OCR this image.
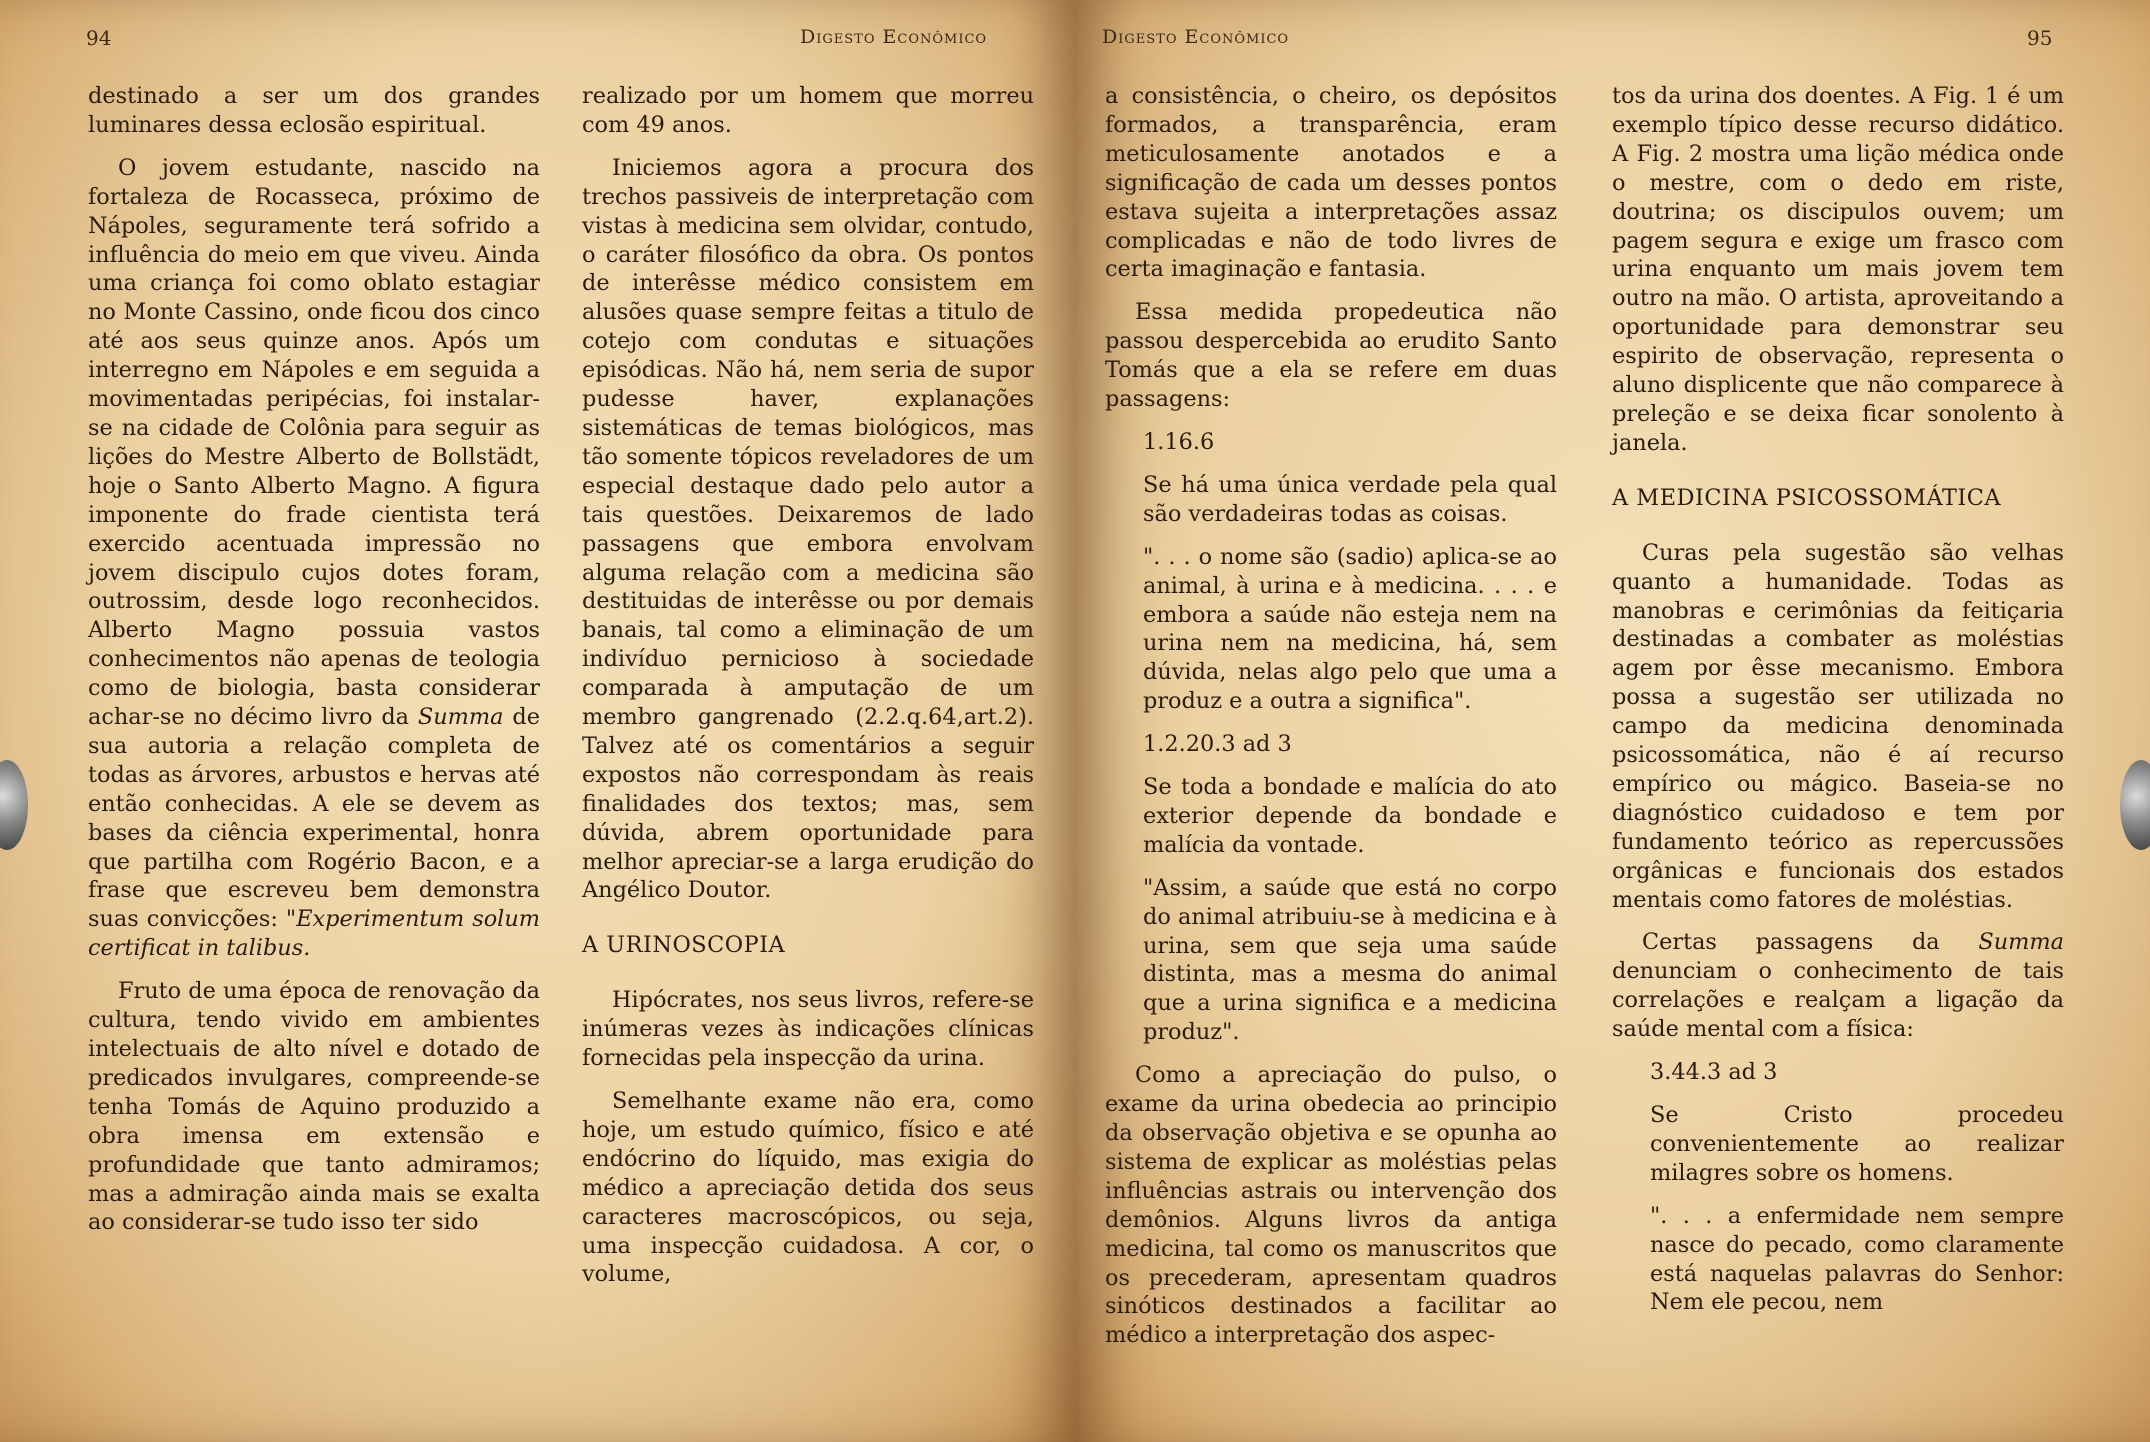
94	Digesto Econômico

destinado a ser um dos grandes luminares dessa eclosão espiritual.

O jovem estudante, nascido na fortaleza de Rocasseca, próximo de Nápoles, seguramente terá sofrido a influência do meio em que viveu. Ainda uma criança foi como oblato estagiar no Monte Cassino, onde ficou dos cinco até aos seus quinze anos. Após um interregno em Nápoles e em seguida a movimentadas peripécias, foi instalar-se na cidade de Colônia para seguir as lições do Mestre Alberto de Bollstädt, hoje o Santo Alberto Magno. A figura imponente do frade cientista terá exercido acentuada impressão no jovem discipulo cujos dotes foram, outrossim, desde logo reconhecidos. Alberto Magno possuia vastos conhecimentos não apenas de teologia como de biologia, basta considerar achar-se no décimo livro da Summa de sua autoria a relação completa de todas as árvores, arbustos e hervas até então conhecidas. A ele se devem as bases da ciência experimental, honra que partilha com Rogério Bacon, e a frase que escreveu bem demonstra suas convicções: "Experimentum solum certificat in talibus.

Fruto de uma época de renovação da cultura, tendo vivido em ambientes intelectuais de alto nível e dotado de predicados invulgares, compreende-se tenha Tomás de Aquino produzido a obra imensa em extensão e profundidade que tanto admiramos; mas a admiração ainda mais se exalta ao considerar-se tudo isso ter sido

realizado por um homem que morreu com 49 anos.

Iniciemos agora a procura dos trechos passiveis de interpretação com vistas à medicina sem olvidar, contudo, o caráter filosófico da obra. Os pontos de interêsse médico consistem em alusões quase sempre feitas a titulo de cotejo com condutas e situações episódicas. Não há, nem seria de supor pudesse haver, explanações sistemáticas de temas biológicos, mas tão somente tópicos reveladores de um especial destaque dado pelo autor a tais questões. Deixaremos de lado passagens que embora envolvam alguma relação com a medicina são destituidas de interêsse ou por demais banais, tal como a eliminação de um indivíduo pernicioso à sociedade comparada à amputação de um membro gangrenado (2.2.q.64,art.2). Talvez até os comentários a seguir expostos não correspondam às reais finalidades dos textos; mas, sem dúvida, abrem oportunidade para melhor apreciar-se a larga erudição do Angélico Doutor.

A URINOSCOPIA

Hipócrates, nos seus livros, refere-se inúmeras vezes às indicações clínicas fornecidas pela inspecção da urina.

Semelhante exame não era, como hoje, um estudo químico, físico e até endócrino do líquido, mas exigia do médico a apreciação detida dos seus caracteres macroscópicos, ou seja, uma inspecção cuidadosa. A cor, o volume,

Digesto Econômico	95

a consistência, o cheiro, os depósitos formados, a transparência, eram meticulosamente anotados e a significação de cada um desses pontos estava sujeita a interpretações assaz complicadas e não de todo livres de certa imaginação e fantasia.

Essa medida propedeutica não passou despercebida ao erudito Santo Tomás que a ela se refere em duas passagens:

1.16.6

Se há uma única verdade pela qual são verdadeiras todas as coisas.

". . . o nome são (sadio) aplica-se ao animal, à urina e à medicina. . . . e embora a saúde não esteja nem na urina nem na medicina, há, sem dúvida, nelas algo pelo que uma a produz e a outra a significa".

1.2.20.3 ad 3

Se toda a bondade e malícia do ato exterior depende da bondade e malícia da vontade.

"Assim, a saúde que está no corpo do animal atribuiu-se à medicina e à urina, sem que seja uma saúde distinta, mas a mesma do animal que a urina significa e a medicina produz".

Como a apreciação do pulso, o exame da urina obedecia ao principio da observação objetiva e se opunha ao sistema de explicar as moléstias pelas influências astrais ou intervenção dos demônios. Alguns livros da antiga medicina, tal como os manuscritos que os precederam, apresentam quadros sinóticos destinados a facilitar ao médico a interpretação dos aspec-

tos da urina dos doentes. A Fig. 1 é um exemplo típico desse recurso didático. A Fig. 2 mostra uma lição médica onde o mestre, com o dedo em riste, doutrina; os discipulos ouvem; um pagem segura e exige um frasco com urina enquanto um mais jovem tem outro na mão. O artista, aproveitando a oportunidade para demonstrar seu espirito de observação, representa o aluno displicente que não comparece à preleção e se deixa ficar sonolento à janela.

A MEDICINA PSICOSSOMÁTICA

Curas pela sugestão são velhas quanto a humanidade. Todas as manobras e cerimônias da feitiçaria destinadas a combater as moléstias agem por êsse mecanismo. Embora possa a sugestão ser utilizada no campo da medicina denominada psicossomática, não é aí recurso empírico ou mágico. Baseia-se no diagnóstico cuidadoso e tem por fundamento teórico as repercussões orgânicas e funcionais dos estados mentais como fatores de moléstias.

Certas passagens da Summa denunciam o conhecimento de tais correlações e realçam a ligação da saúde mental com a física:

3.44.3 ad 3

Se Cristo procedeu convenientemente ao realizar milagres sobre os homens.

". . . a enfermidade nem sempre nasce do pecado, como claramente está naquelas palavras do Senhor: Nem ele pecou, nem
